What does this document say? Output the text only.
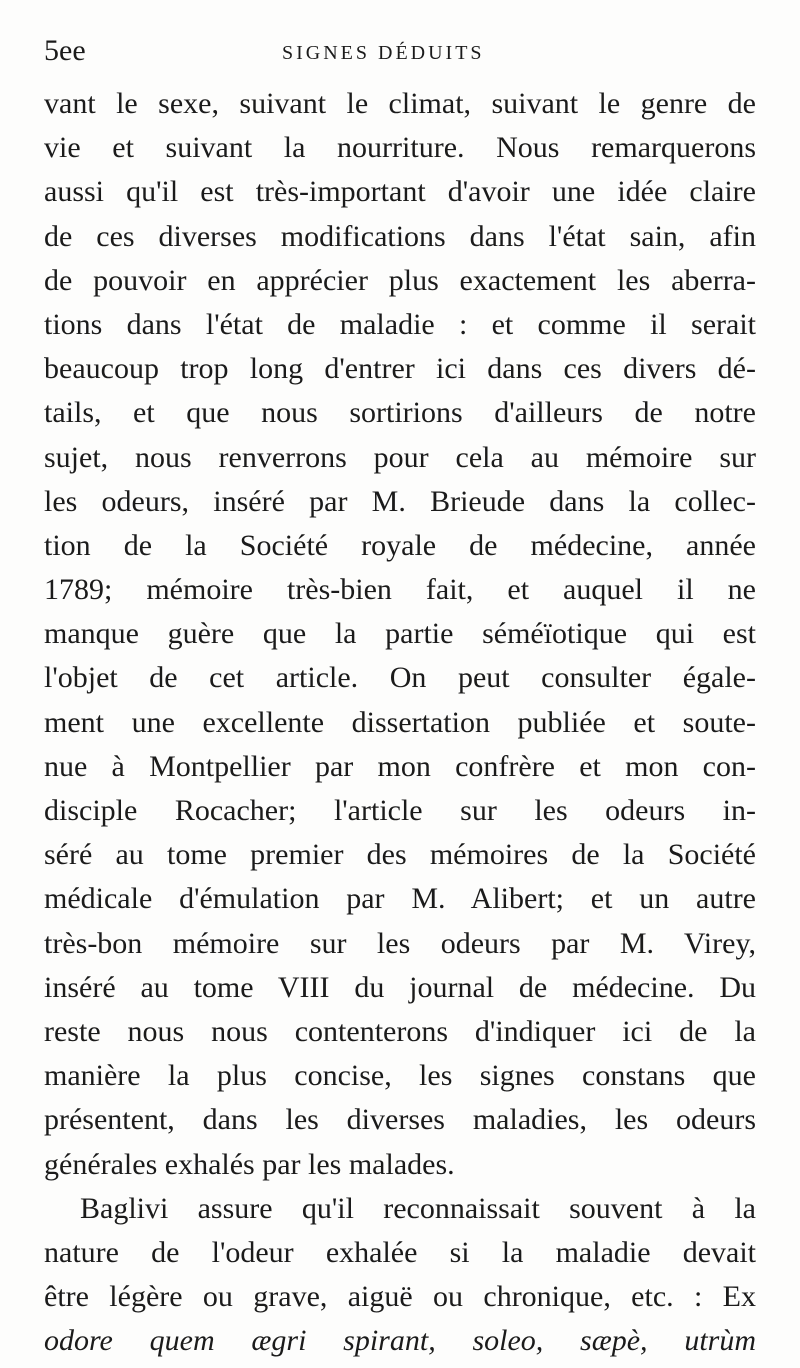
5ee	SIGNES DÉDUITS
vant le sexe, suivant le climat, suivant le genre de
vie et suivant la nourriture. Nous remarquerons
aussi qu'il est très-important d'avoir une idée claire
de ces diverses modifications dans l'état sain, afin
de pouvoir en apprécier plus exactement les aberra-
tions dans l'état de maladie : et comme il serait
beaucoup trop long d'entrer ici dans ces divers dé-
tails, et que nous sortirions d'ailleurs de notre
sujet, nous renverrons pour cela au mémoire sur
les odeurs, inséré par M. Brieude dans la collec-
tion de la Société royale de médecine, année
1789; mémoire très-bien fait, et auquel il ne
manque guère que la partie séméïotique qui est
l'objet de cet article. On peut consulter égale-
ment une excellente dissertation publiée et soute-
nue à Montpellier par mon confrère et mon con-
disciple Rocacher; l'article sur les odeurs in-
séré au tome premier des mémoires de la Société
médicale d'émulation par M. Alibert; et un autre
très-bon mémoire sur les odeurs par M. Virey,
inséré au tome VIII du journal de médecine. Du
reste nous nous contenterons d'indiquer ici de la
manière la plus concise, les signes constans que
présentent, dans les diverses maladies, les odeurs
générales exhalés par les malades.
Baglivi assure qu'il reconnaissait souvent à la
nature de l'odeur exhalée si la maladie devait
être légère ou grave, aiguë ou chronique, etc. : Ex
odore quem ægri spirant, soleo, sæpè, utrùm
